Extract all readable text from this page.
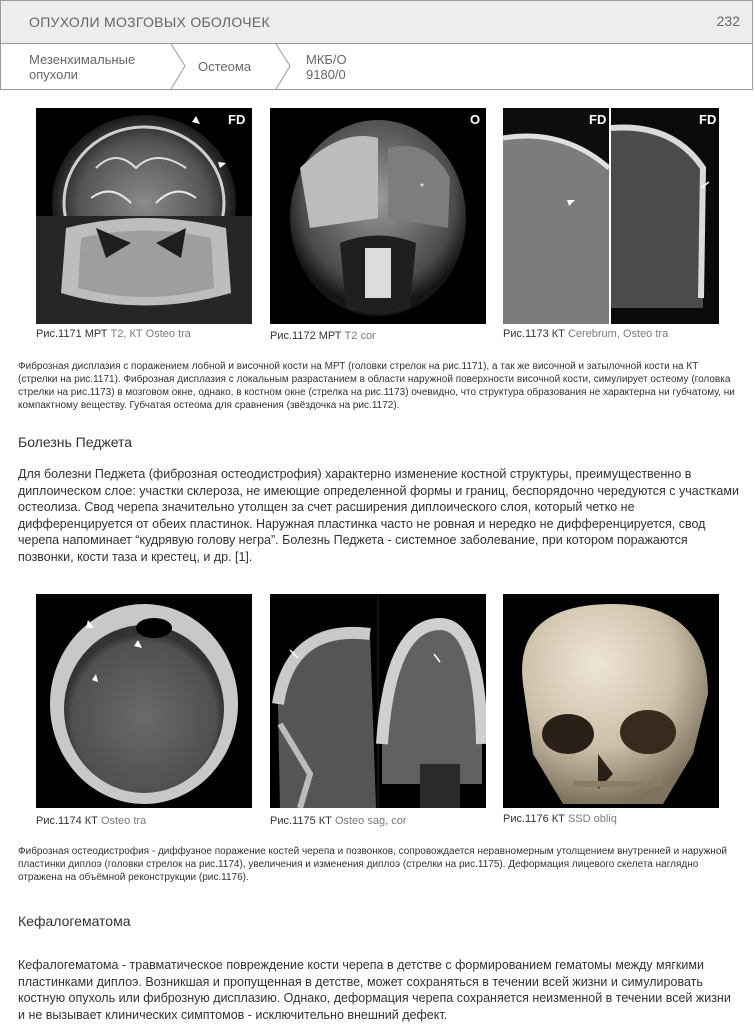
ОПУХОЛИ МОЗГОВЫХ ОБОЛОЧЕК	232
Мезенхимальные
опухоли
Остеома	МКБ/О
9180/0
FD
Рис.1171 МРТ T2, КТ Osteo tra
O
*
Рис.1172 МРТ T2 cor
FD	FD
Рис.1173 КТ Cerebrum, Osteo tra

Фиброзная дисплазия с поражением лобной и височной кости на МРТ (головки стрелок на рис.1171), а так же височной и затылочной кости на КТ (стрелки на рис.1171). Фиброзная дисплазия с локальным разрастанием в области наружной поверхности височной кости, симулирует остеому (головка стрелки на рис.1173) в мозговом окне, однако, в костном окне (стрелка на рис.1173) очевидно, что структура образования не характерна ни губчатому, ни компактному веществу. Губчатая остеома для сравнения (звёздочка на рис.1172).

Болезнь Педжета

Для болезни Педжета (фиброзная остеодистрофия) характерно изменение костной структуры, преимущественно в диплоическом слое: участки склероза, не имеющие определенной формы и границ, беспорядочно чередуются с участками остеолиза. Свод черепа значительно утолщен за счет расширения диплоического слоя, который четко не дифференцируется от обеих пластинок. Наружная пластинка часто не ровная и нередко не дифференцируется, свод черепа напоминает “кудрявую голову негра”. Болезнь Педжета - системное заболевание, при котором поражаются позвонки, кости таза и крестец, и др. [1].

Рис.1174 КТ Osteo tra	Рис.1175 КТ Osteo sag, cor	Рис.1176 КТ SSD obliq

Фиброзная остеодистрофия - диффузное поражение костей черепа и позвонков, сопровождается неравномерным утолщением внутренней и наружной пластинки диплоэ (головки стрелок на рис.1174), увеличения и изменения диплоэ (стрелки на рис.1175). Деформация лицевого скелета наглядно отражена на объёмной реконструкции (рис.1176).

Кефалогематома

Кефалогематома - травматическое повреждение кости черепа в детстве с формированием гематомы между мягкими пластинками диплоэ. Возникшая и пропущенная в детстве, может сохраняться в течении всей жизни и симулировать костную опухоль или фиброзную дисплазию. Однако, деформация черепа сохраняется неизменной в течении всей жизни и не вызывает клинических симптомов - исключительно внешний дефект.
